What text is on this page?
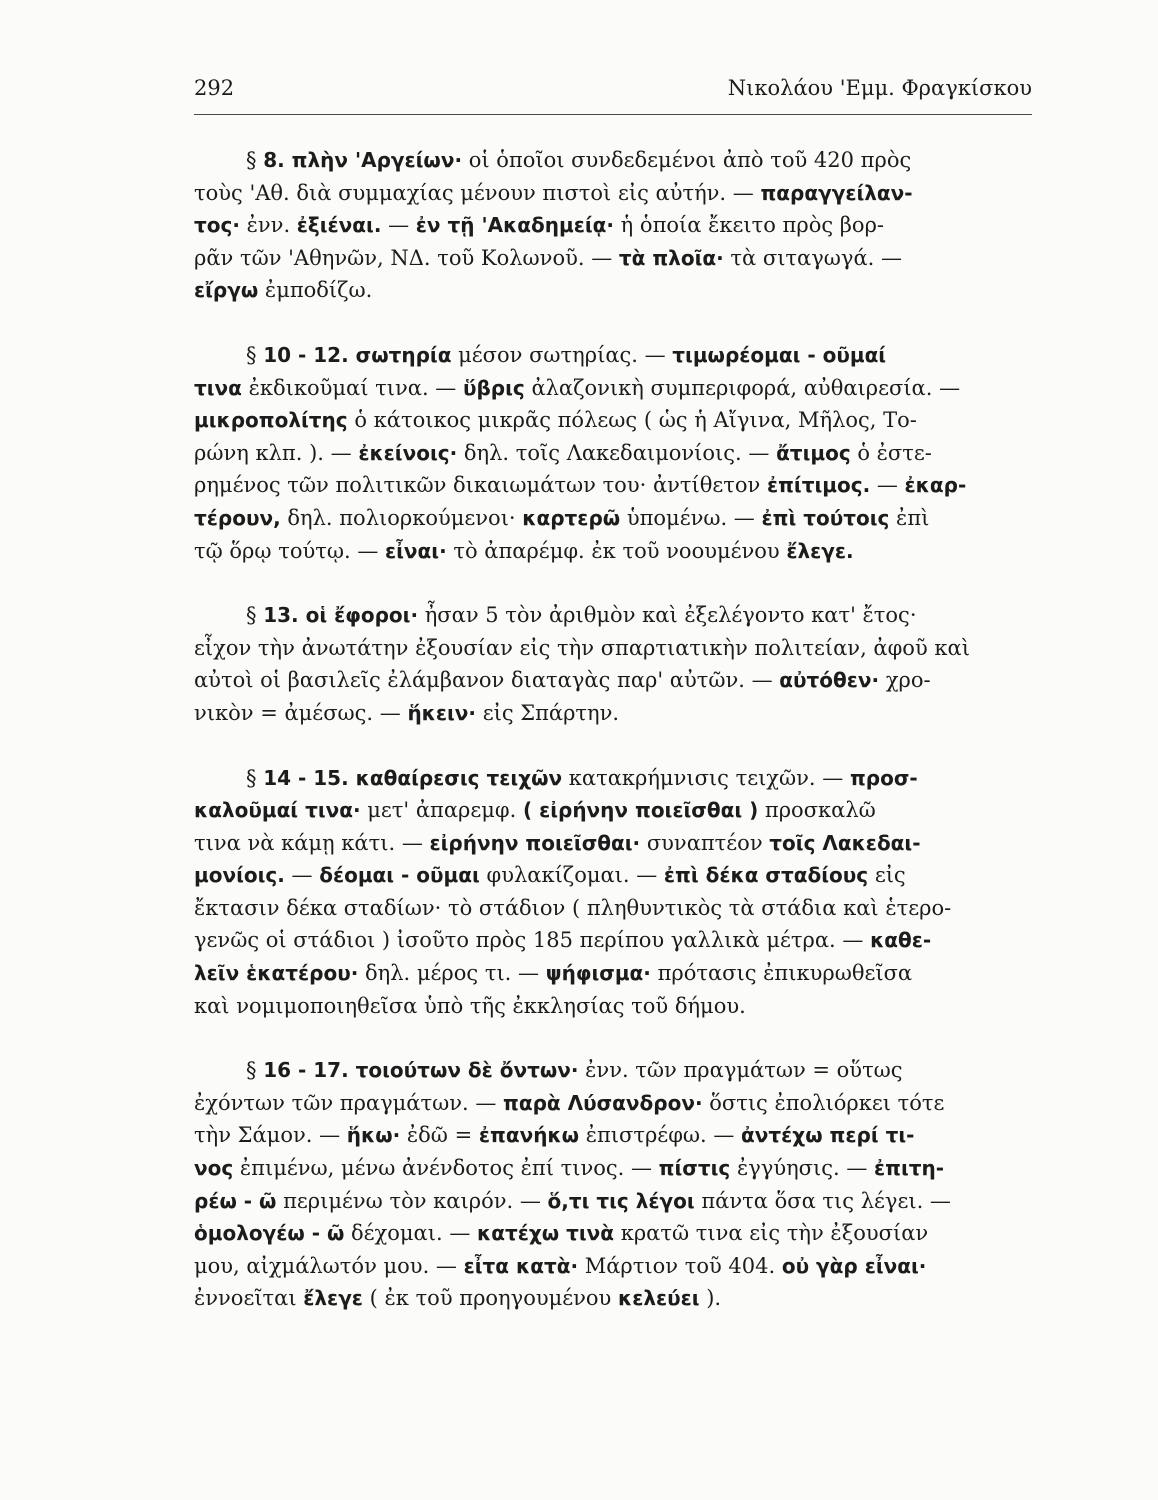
292	Νικολάου 'Εμμ. Φραγκίσκου
§ 8. πλὴν 'Αργείων· οἱ ὁποῖοι συνδεδεμένοι ἀπὸ τοῦ 420 πρὸς
τοὺς 'Αθ. διὰ συμμαχίας μένουν πιστοὶ εἰς αὐτήν. — παραγγείλαν-
τος· ἐνν. ἐξιέναι. — ἐν τῇ 'Ακαδημείᾳ· ἡ ὁποία ἔκειτο πρὸς βορ-
ρᾶν τῶν 'Αθηνῶν, ΝΔ. τοῦ Κολωνοῦ. — τὰ πλοῖα· τὰ σιταγωγά. —
εἴργω ἐμποδίζω.
§ 10 - 12. σωτηρία μέσον σωτηρίας. — τιμωρέομαι - οῦμαί
τινα ἐκδικοῦμαί τινα. — ὕβρις ἀλαζονικὴ συμπεριφορά, αὐθαιρεσία. —
μικροπολίτης ὁ κάτοικος μικρᾶς πόλεως ( ὡς ἡ Αἴγινα, Μῆλος, Το-
ρώνη κλπ. ). — ἐκείνοις· δηλ. τοῖς Λακεδαιμονίοις. — ἄτιμος ὁ ἐστε-
ρημένος τῶν πολιτικῶν δικαιωμάτων του· ἀντίθετον ἐπίτιμος. — ἐκαρ-
τέρουν, δηλ. πολιορκούμενοι· καρτερῶ ὑπομένω. — ἐπὶ τούτοις ἐπὶ
τῷ ὅρῳ τούτῳ. — εἶναι· τὸ ἀπαρέμφ. ἐκ τοῦ νοουμένου ἔλεγε.
§ 13. οἱ ἔφοροι· ἦσαν 5 τὸν ἀριθμὸν καὶ ἐξελέγοντο κατ' ἔτος·
εἶχον τὴν ἀνωτάτην ἐξουσίαν εἰς τὴν σπαρτιατικὴν πολιτείαν, ἀφοῦ καὶ
αὐτοὶ οἱ βασιλεῖς ἐλάμβανον διαταγὰς παρ' αὐτῶν. — αὐτόθεν· χρο-
νικὸν = ἀμέσως. — ἥκειν· εἰς Σπάρτην.
§ 14 - 15. καθαίρεσις τειχῶν κατακρήμνισις τειχῶν. — προσ-
καλοῦμαί τινα· μετ' ἀπαρεμφ. ( εἰρήνην ποιεῖσθαι ) προσκαλῶ
τινα νὰ κάμῃ κάτι. — εἰρήνην ποιεῖσθαι· συναπτέον τοῖς Λακεδαι-
μονίοις. — δέομαι - οῦμαι φυλακίζομαι. — ἐπὶ δέκα σταδίους εἰς
ἔκτασιν δέκα σταδίων· τὸ στάδιον ( πληθυντικὸς τὰ στάδια καὶ ἑτερο-
γενῶς οἱ στάδιοι ) ἰσοῦτο πρὸς 185 περίπου γαλλικὰ μέτρα. — καθε-
λεῖν ἑκατέρου· δηλ. μέρος τι. — ψήφισμα· πρότασις ἐπικυρωθεῖσα
καὶ νομιμοποιηθεῖσα ὑπὸ τῆς ἐκκλησίας τοῦ δήμου.
§ 16 - 17. τοιούτων δὲ ὄντων· ἐνν. τῶν πραγμάτων = οὕτως
ἐχόντων τῶν πραγμάτων. — παρὰ Λύσανδρον· ὅστις ἐπολιόρκει τότε
τὴν Σάμον. — ἥκω· ἐδῶ = ἐπανήκω ἐπιστρέφω. — ἀντέχω περί τι-
νος ἐπιμένω, μένω ἀνένδοτος ἐπί τινος. — πίστις ἐγγύησις. — ἐπιτη-
ρέω - ῶ περιμένω τὸν καιρόν. — ὅ,τι τις λέγοι πάντα ὅσα τις λέγει. —
ὁμολογέω - ῶ δέχομαι. — κατέχω τινὰ κρατῶ τινα εἰς τὴν ἐξουσίαν
μου, αἰχμάλωτόν μου. — εἶτα κατὰ· Μάρτιον τοῦ 404. οὐ γὰρ εἶναι·
ἐννοεῖται ἔλεγε ( ἐκ τοῦ προηγουμένου κελεύει ).
